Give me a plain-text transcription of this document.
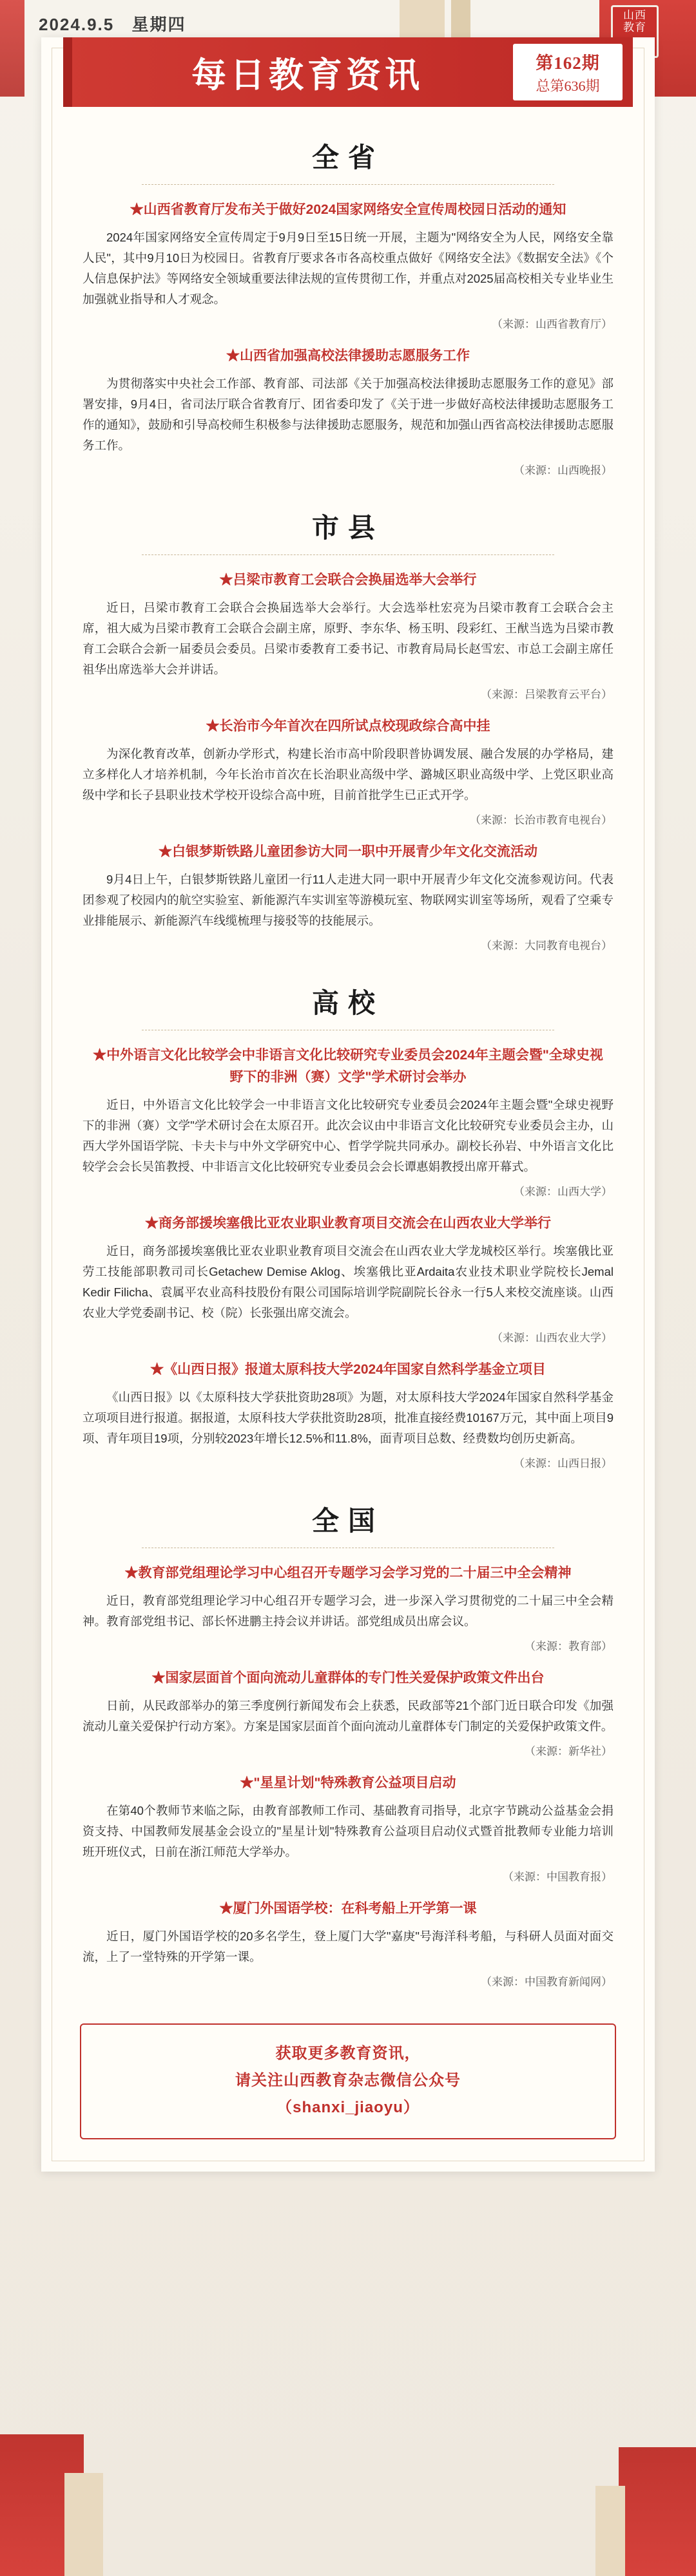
2024.9.5 星期四	山西
教育
每日教育资讯	第162期
总第636期
全省
★山西省教育厅发布关于做好2024国家网络安全宣传周校园日活动的通知
2024年国家网络安全宣传周定于9月9日至15日统一开展，主题为"网络安全为人民，网络安全靠人民"，其中9月10日为校园日。省教育厅要求各市各高校重点做好《网络安全法》《数据安全法》《个人信息保护法》等网络安全领域重要法律法规的宣传贯彻工作，并重点对2025届高校相关专业毕业生加强就业指导和人才观念。
（来源：山西省教育厅）
★山西省加强高校法律援助志愿服务工作
为贯彻落实中央社会工作部、教育部、司法部《关于加强高校法律援助志愿服务工作的意见》部署安排，9月4日，省司法厅联合省教育厅、团省委印发了《关于进一步做好高校法律援助志愿服务工作的通知》，鼓励和引导高校师生积极参与法律援助志愿服务，规范和加强山西省高校法律援助志愿服务工作。
（来源：山西晚报）
市县
★吕梁市教育工会联合会换届选举大会举行
近日，吕梁市教育工会联合会换届选举大会举行。大会选举杜宏亮为吕梁市教育工会联合会主席，祖大威为吕梁市教育工会联合会副主席，原野、李东华、杨玉明、段彩红、王猷当选为吕梁市教育工会联合会新一届委员会委员。吕梁市委教育工委书记、市教育局局长赵雪宏、市总工会副主席任祖华出席选举大会并讲话。
（来源：吕梁教育云平台）
★长治市今年首次在四所试点校现政综合高中挂
为深化教育改革，创新办学形式，构建长治市高中阶段职普协调发展、融合发展的办学格局，建立多样化人才培养机制，今年长治市首次在长治职业高级中学、潞城区职业高级中学、上党区职业高级中学和长子县职业技术学校开设综合高中班，目前首批学生已正式开学。
（来源：长治市教育电视台）
★白银梦斯铁路儿童团参访大同一职中开展青少年文化交流活动
9月4日上午，白银梦斯铁路儿童团一行11人走进大同一职中开展青少年文化交流参观访问。代表团参观了校园内的航空实验室、新能源汽车实训室等游模玩室、物联网实训室等场所，观看了空乘专业排能展示、新能源汽车线缆梳理与接驳等的技能展示。
（来源：大同教育电视台）
高校
★中外语言文化比较学会中非语言文化比较研究专业委员会2024年主题会暨"全球史视野下的非洲（赛）文学"学术研讨会举办
近日，中外语言文化比较学会一中非语言文化比较研究专业委员会2024年主题会暨"全球史视野下的非洲（赛）文学"学术研讨会在太原召开。此次会议由中非语言文化比较研究专业委员会主办，山西大学外国语学院、卡夫卡与中外文学研究中心、哲学学院共同承办。副校长孙岩、中外语言文化比较学会会长吴笛教授、中非语言文化比较研究专业委员会会长谭惠娟教授出席开幕式。
（来源：山西大学）
★商务部援埃塞俄比亚农业职业教育项目交流会在山西农业大学举行
近日，商务部援埃塞俄比亚农业职业教育项目交流会在山西农业大学龙城校区举行。埃塞俄比亚劳工技能部职教司司长Getachew Demise Aklog、埃塞俄比亚Ardaita农业技术职业学院校长Jemal Kedir Filicha、袁属平农业高科技股份有限公司国际培训学院副院长谷永一行5人来校交流座谈。山西农业大学党委副书记、校（院）长张强出席交流会。
（来源：山西农业大学）
★《山西日报》报道太原科技大学2024年国家自然科学基金立项目
《山西日报》以《太原科技大学获批资助28项》为题，对太原科技大学2024年国家自然科学基金立项项目进行报道。据报道，太原科技大学获批资助28项，批准直接经费10167万元，其中面上项目9项、青年项目19项，分别较2023年增长12.5%和11.8%，面青项目总数、经费数均创历史新高。
（来源：山西日报）
全国
★教育部党组理论学习中心组召开专题学习会学习党的二十届三中全会精神
近日，教育部党组理论学习中心组召开专题学习会，进一步深入学习贯彻党的二十届三中全会精神。教育部党组书记、部长怀进鹏主持会议并讲话。部党组成员出席会议。
（来源：教育部）
★国家层面首个面向流动儿童群体的专门性关爱保护政策文件出台
日前，从民政部举办的第三季度例行新闻发布会上获悉，民政部等21个部门近日联合印发《加强流动儿童关爱保护行动方案》。方案是国家层面首个面向流动儿童群体专门制定的关爱保护政策文件。
（来源：新华社）
★"星星计划"特殊教育公益项目启动
在第40个教师节来临之际，由教育部教师工作司、基础教育司指导，北京字节跳动公益基金会捐资支持、中国教师发展基金会设立的"星星计划"特殊教育公益项目启动仪式暨首批教师专业能力培训班开班仪式，日前在浙江师范大学举办。
（来源：中国教育报）
★厦门外国语学校：在科考船上开学第一课
近日，厦门外国语学校的20多名学生，登上厦门大学"嘉庚"号海洋科考船，与科研人员面对面交流，上了一堂特殊的开学第一课。
（来源：中国教育新闻网）
获取更多教育资讯，
请关注山西教育杂志微信公众号
（shanxi_jiaoyu）
